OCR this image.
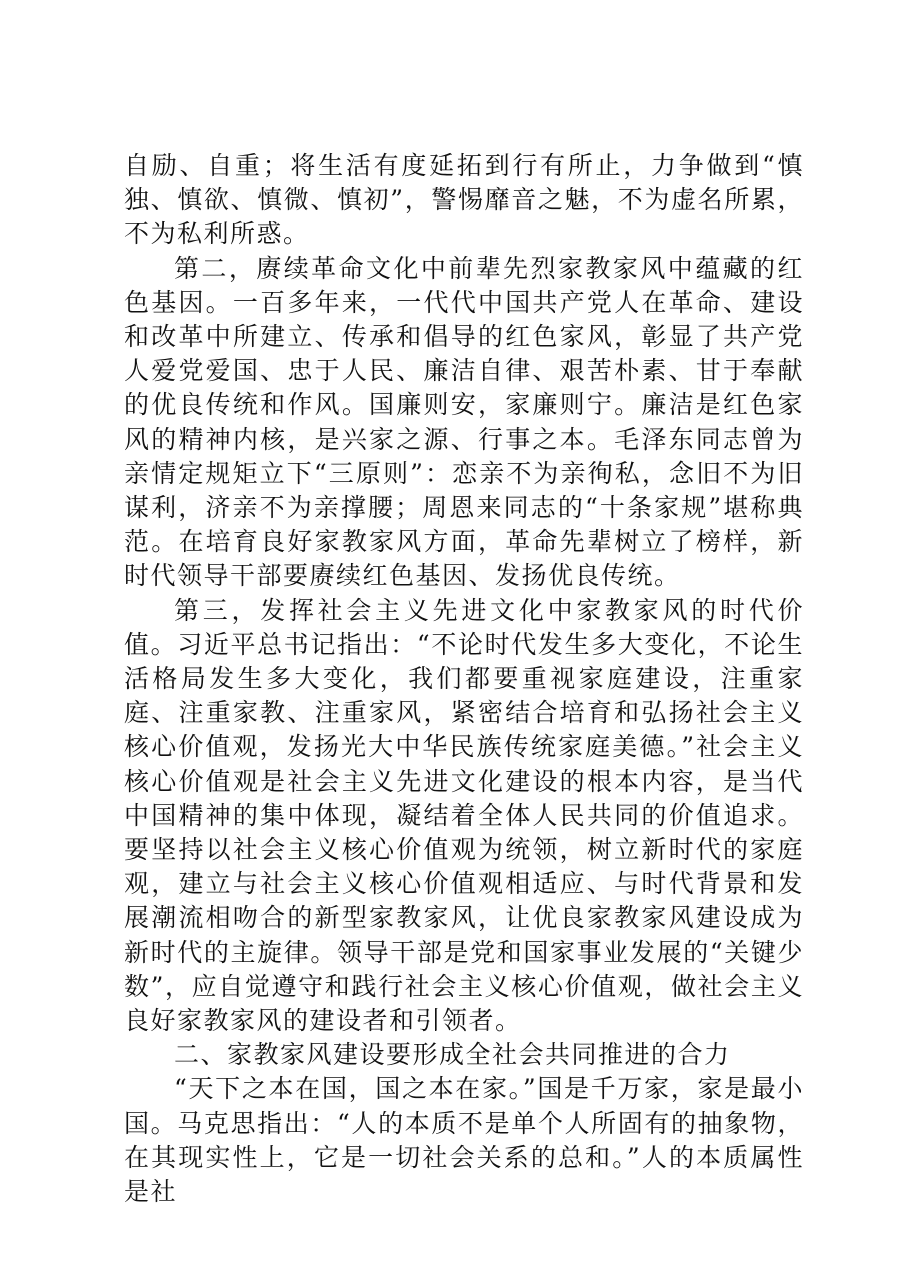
自励、自重；将生活有度延拓到行有所止，力争做到“慎独、慎欲、慎微、慎初”，警惕靡音之魅，不为虚名所累，不为私利所惑。

第二，赓续革命文化中前辈先烈家教家风中蕴藏的红色基因。一百多年来，一代代中国共产党人在革命、建设和改革中所建立、传承和倡导的红色家风，彰显了共产党人爱党爱国、忠于人民、廉洁自律、艰苦朴素、甘于奉献的优良传统和作风。国廉则安，家廉则宁。廉洁是红色家风的精神内核，是兴家之源、行事之本。毛泽东同志曾为亲情定规矩立下“三原则”：恋亲不为亲徇私，念旧不为旧谋利，济亲不为亲撑腰；周恩来同志的“十条家规”堪称典范。在培育良好家教家风方面，革命先辈树立了榜样，新时代领导干部要赓续红色基因、发扬优良传统。

第三，发挥社会主义先进文化中家教家风的时代价值。习近平总书记指出：“不论时代发生多大变化，不论生活格局发生多大变化，我们都要重视家庭建设，注重家庭、注重家教、注重家风，紧密结合培育和弘扬社会主义核心价值观，发扬光大中华民族传统家庭美德。”社会主义核心价值观是社会主义先进文化建设的根本内容，是当代中国精神的集中体现，凝结着全体人民共同的价值追求。要坚持以社会主义核心价值观为统领，树立新时代的家庭观，建立与社会主义核心价值观相适应、与时代背景和发展潮流相吻合的新型家教家风，让优良家教家风建设成为新时代的主旋律。领导干部是党和国家事业发展的“关键少数”，应自觉遵守和践行社会主义核心价值观，做社会主义良好家教家风的建设者和引领者。

二、家教家风建设要形成全社会共同推进的合力

“天下之本在国，国之本在家。”国是千万家，家是最小国。马克思指出：“人的本质不是单个人所固有的抽象物，在其现实性上，它是一切社会关系的总和。”人的本质属性是社
